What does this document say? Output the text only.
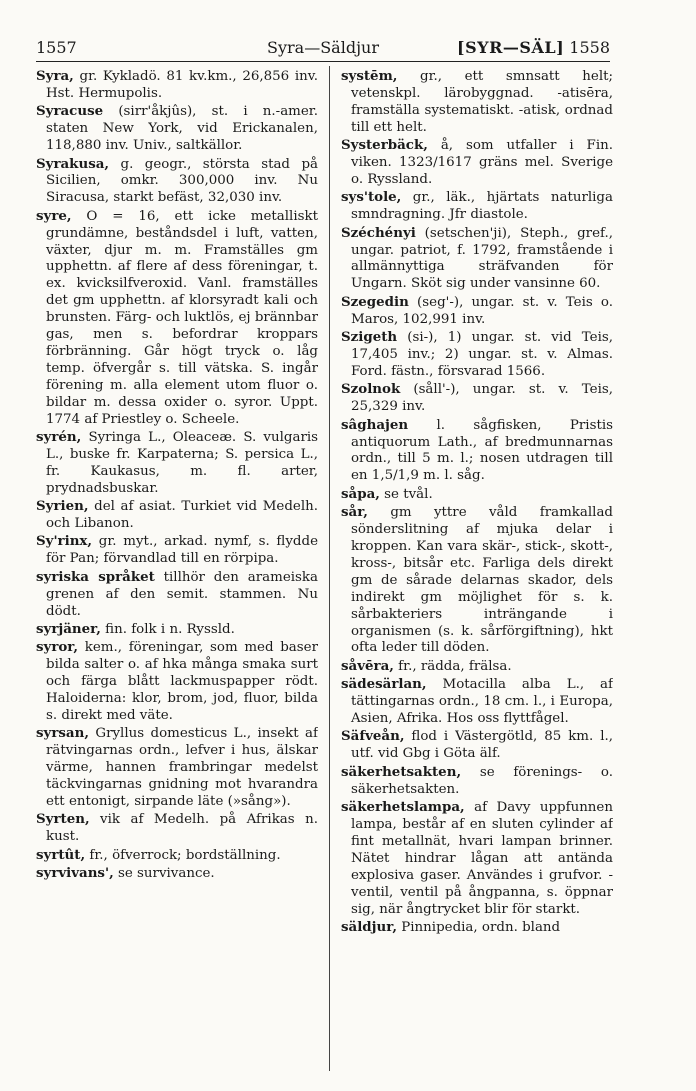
1557	Syra—Säldjur	[SYR—SÄL] 1558

Syra, gr. Kykladö. 81 kv.km., 26,856 inv. Hst. Hermupolis.

Syracuse (sirr'åkjûs), st. i n.-amer. staten New York, vid Erickanalen, 118,880 inv. Univ., saltkällor.

Syrakusa, g. geogr., största stad på Sicilien, omkr. 300,000 inv. Nu Siracusa, starkt befäst, 32,030 inv.

syre, O = 16, ett icke metalliskt grundämne, beståndsdel i luft, vatten, växter, djur m. m. Framställes gm upphettn. af flere af dess föreningar, t. ex. kvicksilfveroxid. Vanl. framställes det gm upphettn. af klorsyradt kali och brunsten. Färg- och luktlös, ej brännbar gas, men s. befordrar kroppars förbränning. Går högt tryck o. låg temp. öfvergår s. till vätska. S. ingår förening m. alla element utom fluor o. bildar m. dessa oxider o. syror. Uppt. 1774 af Priestley o. Scheele.

syrén, Syringa L., Oleaceæ. S. vulgaris L., buske fr. Karpaterna; S. persica L., fr. Kaukasus, m. fl. arter, prydnadsbuskar.

Syrien, del af asiat. Turkiet vid Medelh. och Libanon.

Sy'rinx, gr. myt., arkad. nymf, s. flydde för Pan; förvandlad till en rörpipa.

syriska språket tillhör den arameiska grenen af den semit. stammen. Nu dödt.

syrjäner, fin. folk i n. Ryssld.

syror, kem., föreningar, som med baser bilda salter o. af hka många smaka surt och färga blått lackmuspapper rödt. Haloiderna: klor, brom, jod, fluor, bilda s. direkt med väte.

syrsan, Gryllus domesticus L., insekt af rätvingarnas ordn., lefver i hus, älskar värme, hannen frambringar medelst täckvingarnas gnidning mot hvarandra ett entonigt, sirpande läte (»sång»).

Syrten, vik af Medelh. på Afrikas n. kust.

syrtût, fr., öfverrock; bordställning.

syrvivans', se survivance.

systēm, gr., ett smnsatt helt; vetenskpl. lärobyggnad. -atisēra, framställa systematiskt. -atisk, ordnad till ett helt.

Systerbäck, å, som utfaller i Fin. viken. 1323/1617 gräns mel. Sverige o. Ryssland.

sys'tole, gr., läk., hjärtats naturliga smndragning. Jfr diastole.

Széchényi (setschen'ji), Steph., gref., ungar. patriot, f. 1792, framstående i allmännyttiga sträfvanden för Ungarn. Sköt sig under vansinne 60.

Szegedin (seg'-), ungar. st. v. Teis o. Maros, 102,991 inv.

Szigeth (si-), 1) ungar. st. vid Teis, 17,405 inv.; 2) ungar. st. v. Almas. Ford. fästn., försvarad 1566.

Szolnok (såll'-), ungar. st. v. Teis, 25,329 inv.

sâghajen l. sågfisken, Pristis antiquorum Lath., af bredmunnarnas ordn., till 5 m. l.; nosen utdragen till en 1,5/1,9 m. l. såg.

såpa, se tvål.

sår, gm yttre våld framkallad sönderslitning af mjuka delar i kroppen. Kan vara skär-, stick-, skott-, kross-, bitsår etc. Farliga dels direkt gm de sårade delarnas skador, dels indirekt gm möjlighet för s. k. sårbakteriers inträngande i organismen (s. k. sårförgiftning), hkt ofta leder till döden.

såvēra, fr., rädda, frälsa.

sädesärlan, Motacilla alba L., af tättingarnas ordn., 18 cm. l., i Europa, Asien, Afrika. Hos oss flyttfågel.

Säfveån, flod i Västergötld, 85 km. l., utf. vid Gbg i Göta älf.

säkerhetsakten, se förenings- o. säkerhetsakten.

säkerhetslampa, af Davy uppfunnen lampa, består af en sluten cylinder af fint metallnät, hvari lampan brinner. Nätet hindrar lågan att antända explosiva gaser. Användes i grufvor. -ventil, ventil på ångpanna, s. öppnar sig, när ångtrycket blir för starkt.

säldjur, Pinnipedia, ordn. bland
